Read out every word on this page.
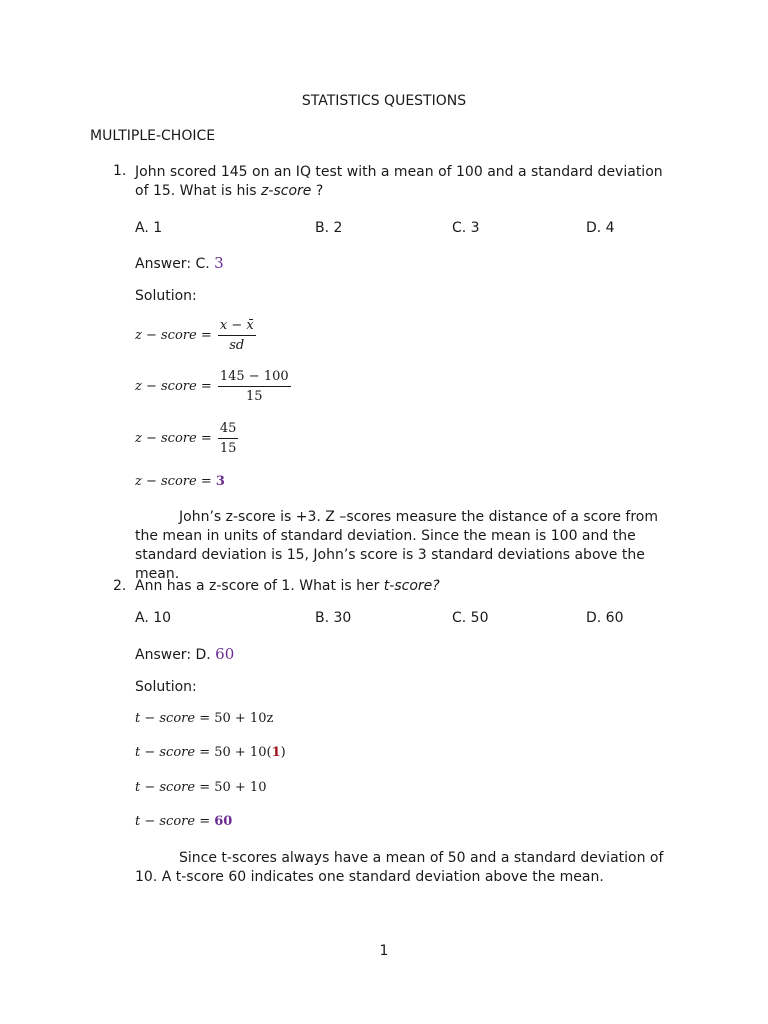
STATISTICS QUESTIONS
MULTIPLE-CHOICE
1. John scored 145 on an IQ test with a mean of 100 and a standard deviation of 15. What is his z-score ?
A. 1	B. 2	C. 3	D. 4
Answer: C. 3
Solution:
z − score = $\frac{x - x̄}{sd}$
z − score = $\frac{145 - 100}{15}$
z − score = $\frac{45}{15}$
z − score = 3
John’s z-score is +3. Z –scores measure the distance of a score from the mean in units of standard deviation. Since the mean is 100 and the standard deviation is 15, John’s score is 3 standard deviations above the mean.
2. Ann has a z-score of 1. What is her t-score?
A. 10	B. 30	C. 50	D. 60
Answer: D. 60
Solution:
t − score = 50 + 10z
t − score = 50 + 10(1)
t − score = 50 + 10
t − score = 60
Since t-scores always have a mean of 50 and a standard deviation of 10. A t-score 60 indicates one standard deviation above the mean.
1
